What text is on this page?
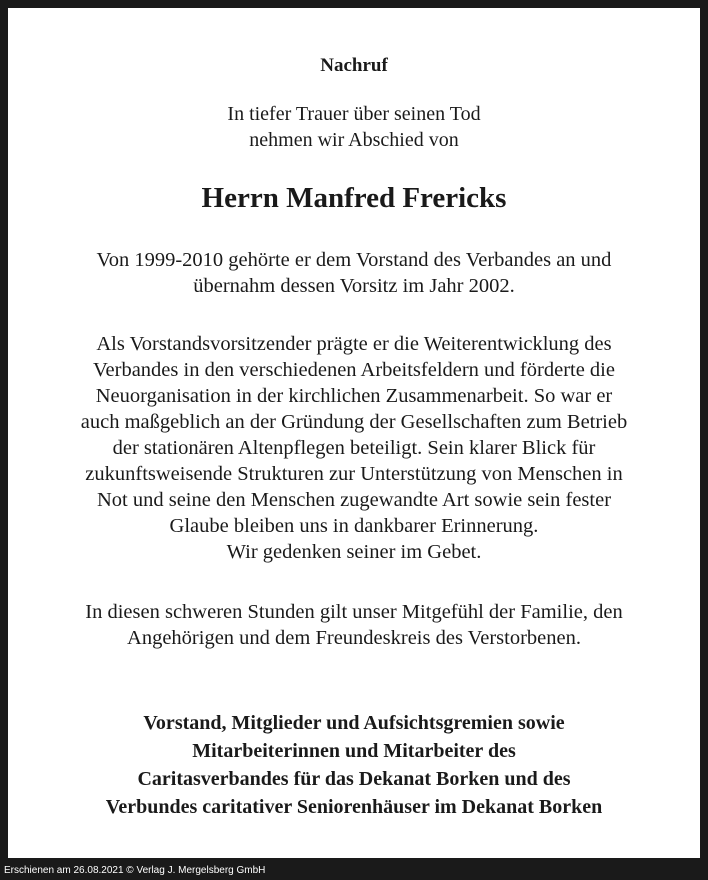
Nachruf
In tiefer Trauer über seinen Tod
nehmen wir Abschied von
Herrn Manfred Frericks
Von 1999-2010 gehörte er dem Vorstand des Verbandes an und
übernahm dessen Vorsitz im Jahr 2002.
Als Vorstandsvorsitzender prägte er die Weiterentwicklung des
Verbandes in den verschiedenen Arbeitsfeldern und förderte die
Neuorganisation in der kirchlichen Zusammenarbeit. So war er
auch maßgeblich an der Gründung der Gesellschaften zum Betrieb
der stationären Altenpflegen beteiligt. Sein klarer Blick für
zukunftsweisende Strukturen zur Unterstützung von Menschen in
Not und seine den Menschen zugewandte Art sowie sein fester
Glaube bleiben uns in dankbarer Erinnerung.
Wir gedenken seiner im Gebet.
In diesen schweren Stunden gilt unser Mitgefühl der Familie, den
Angehörigen und dem Freundeskreis des Verstorbenen.
Vorstand, Mitglieder und Aufsichtsgremien sowie
Mitarbeiterinnen und Mitarbeiter des
Caritasverbandes für das Dekanat Borken und des
Verbundes caritativer Seniorenhäuser im Dekanat Borken
Erschienen am 26.08.2021 © Verlag J. Mergelsberg GmbH
